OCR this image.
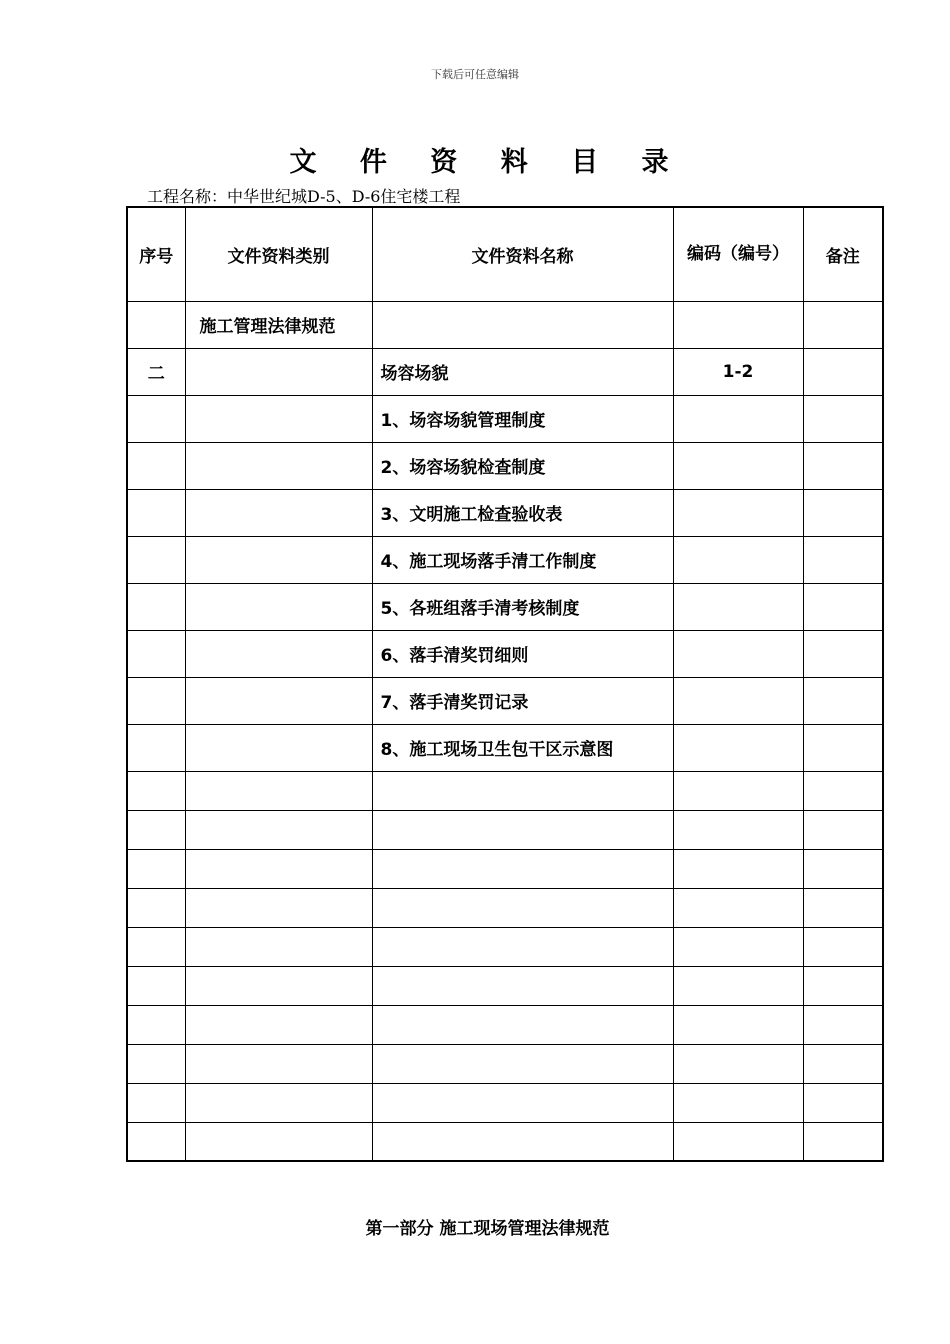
下载后可任意编辑
文 件 资 料 目 录
工程名称：中华世纪城D-5、D-6住宅楼工程
序号	文件资料类别	文件资料名称	编码（编号）	备注
	施工管理法律规范			
二		场容场貌	1-2	
		1、场容场貌管理制度		
		2、场容场貌检查制度		
		3、文明施工检查验收表		
		4、施工现场落手清工作制度		
		5、各班组落手清考核制度		
		6、落手清奖罚细则		
		7、落手清奖罚记录		
		8、施工现场卫生包干区示意图		

第一部分 施工现场管理法律规范
